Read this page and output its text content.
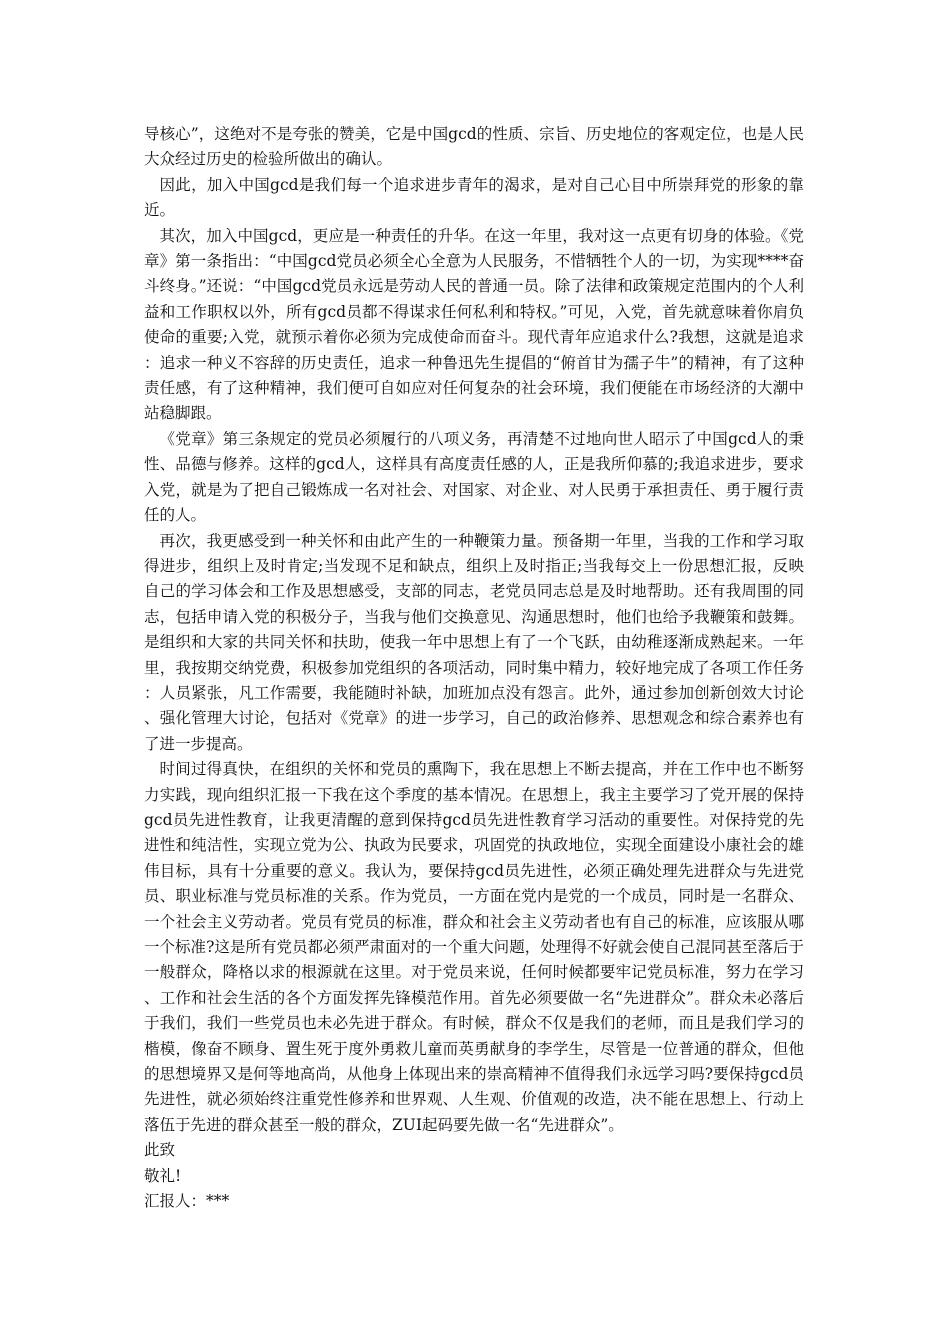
导核心”，这绝对不是夸张的赞美，它是中国gcd的性质、宗旨、历史地位的客观定位，也是人民大众经过历史的检验所做出的确认。

因此，加入中国gcd是我们每一个追求进步青年的渴求，是对自己心目中所崇拜党的形象的靠近。

其次，加入中国gcd，更应是一种责任的升华。在这一年里，我对这一点更有切身的体验。《党章》第一条指出：“中国gcd党员必须全心全意为人民服务，不惜牺牲个人的一切，为实现****奋斗终身。”还说：“中国gcd党员永远是劳动人民的普通一员。除了法律和政策规定范围内的个人利益和工作职权以外，所有gcd员都不得谋求任何私利和特权。”可见，入党，首先就意味着你肩负使命的重要;入党，就预示着你必须为完成使命而奋斗。现代青年应追求什么?我想，这就是追求：追求一种义不容辞的历史责任，追求一种鲁迅先生提倡的“俯首甘为孺子牛”的精神，有了这种责任感，有了这种精神，我们便可自如应对任何复杂的社会环境，我们便能在市场经济的大潮中站稳脚跟。

《党章》第三条规定的党员必须履行的八项义务，再清楚不过地向世人昭示了中国gcd人的秉性、品德与修养。这样的gcd人，这样具有高度责任感的人，正是我所仰慕的;我追求进步，要求入党，就是为了把自己锻炼成一名对社会、对国家、对企业、对人民勇于承担责任、勇于履行责任的人。

再次，我更感受到一种关怀和由此产生的一种鞭策力量。预备期一年里，当我的工作和学习取得进步，组织上及时肯定;当发现不足和缺点，组织上及时指正;当我每交上一份思想汇报，反映自己的学习体会和工作及思想感受，支部的同志，老党员同志总是及时地帮助。还有我周围的同志，包括申请入党的积极分子，当我与他们交换意见、沟通思想时，他们也给予我鞭策和鼓舞。是组织和大家的共同关怀和扶助，使我一年中思想上有了一个飞跃，由幼稚逐渐成熟起来。一年里，我按期交纳党费，积极参加党组织的各项活动，同时集中精力，较好地完成了各项工作任务：人员紧张，凡工作需要，我能随时补缺，加班加点没有怨言。此外，通过参加创新创效大讨论、强化管理大讨论，包括对《党章》的进一步学习，自己的政治修养、思想观念和综合素养也有了进一步提高。

时间过得真快，在组织的关怀和党员的熏陶下，我在思想上不断去提高，并在工作中也不断努力实践，现向组织汇报一下我在这个季度的基本情况。在思想上，我主主要学习了党开展的保持gcd员先进性教育，让我更清醒的意到保持gcd员先进性教育学习活动的重要性。对保持党的先进性和纯洁性，实现立党为公、执政为民要求，巩固党的执政地位，实现全面建设小康社会的雄伟目标，具有十分重要的意义。我认为，要保持gcd员先进性，必须正确处理先进群众与先进党员、职业标准与党员标准的关系。作为党员，一方面在党内是党的一个成员，同时是一名群众、一个社会主义劳动者。党员有党员的标准，群众和社会主义劳动者也有自己的标准，应该服从哪一个标准?这是所有党员都必须严肃面对的一个重大问题，处理得不好就会使自己混同甚至落后于一般群众，降格以求的根源就在这里。对于党员来说，任何时候都要牢记党员标准，努力在学习、工作和社会生活的各个方面发挥先锋模范作用。首先必须要做一名“先进群众”。群众未必落后于我们，我们一些党员也未必先进于群众。有时候，群众不仅是我们的老师，而且是我们学习的楷模，像奋不顾身、置生死于度外勇救儿童而英勇献身的李学生，尽管是一位普通的群众，但他的思想境界又是何等地高尚，从他身上体现出来的崇高精神不值得我们永远学习吗?要保持gcd员先进性，就必须始终注重党性修养和世界观、人生观、价值观的改造，决不能在思想上、行动上落伍于先进的群众甚至一般的群众，ZUI起码要先做一名“先进群众”。

此致

敬礼!

汇报人：***
